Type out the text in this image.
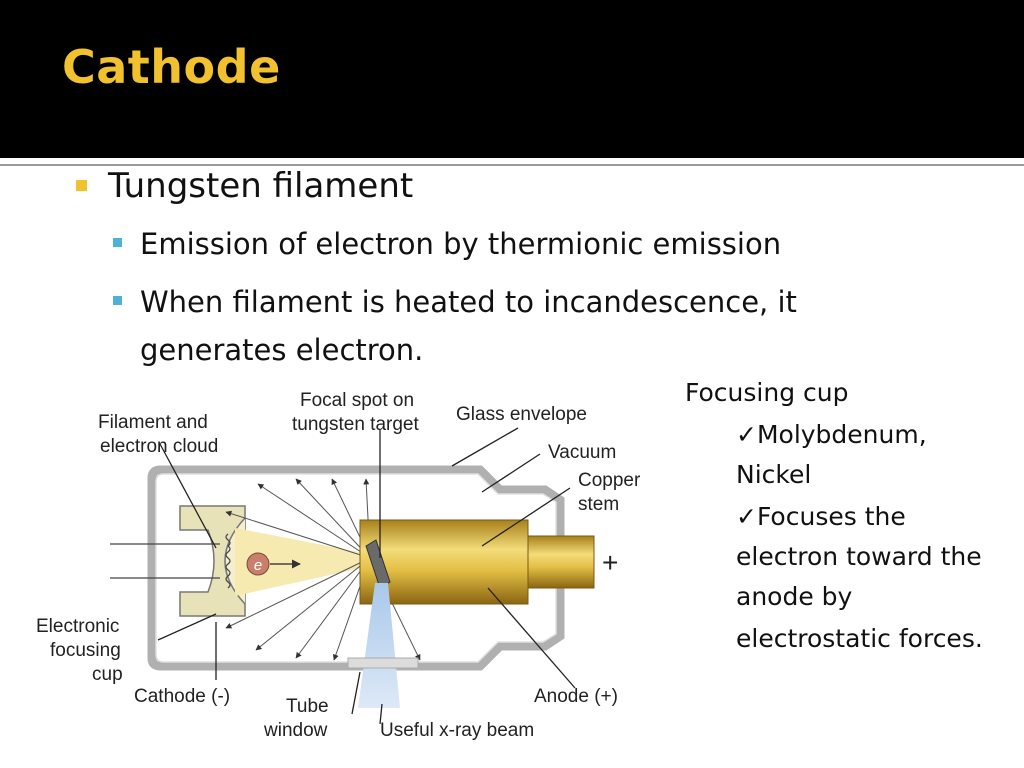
Cathode
Tungsten filament
Emission of electron by thermionic emission
When filament is heated to incandescence, it
generates electron.
Focusing cup
✓Molybdenum,
Nickel
✓Focuses the
electron toward the
anode by
electrostatic forces.
e -
Filament and
electron cloud
Focal spot on
tungsten target Glass envelope
Vacuum
Copper
stem
Electronic
focusing
cup
Cathode (-)	Tube
window	Useful x-ray beam
Anode (+)
+
